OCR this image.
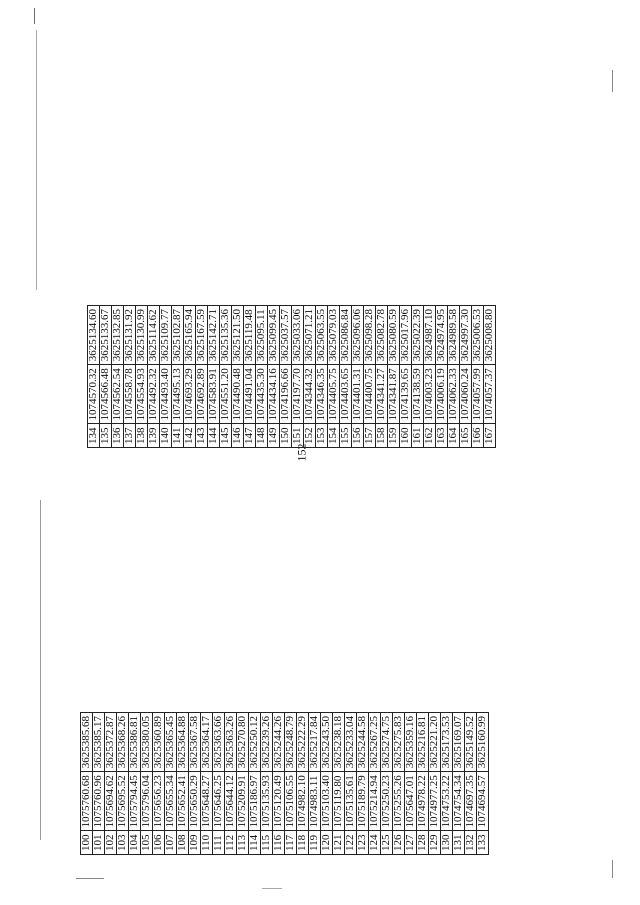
152
100	1075760.68	3625385.68
101	1075760.96	3625385.17
102	1075694.62	3625372.87
103	1075695.52	3625368.26
104	1075794.45	3625386.81
105	1075796.04	3625380.05
106	1075656.23	3625360.89
107	1075655.34	3625365.45
108	1075652.41	3625364.88
109	1075650.29	3625367.58
110	1075648.27	3625364.17
111	1075646.25	3625363.66
112	1075644.12	3625363.26
113	1075209.91	3625270.80
114	1075186.97	3625250.12
115	1075135.93	3625239.26
116	1075120.49	3625244.26
117	1075106.55	3625248.79
118	1074982.10	3625222.29
119	1074983.11	3625217.84
120	1075103.40	3625243.50
121	1075119.80	3625238.18
122	1075135.61	3625233.04
123	1075189.79	3625244.58
124	1075214.94	3625267.25
125	1075250.23	3625274.75
126	1075255.26	3625275.83
127	1075647.01	3625359.16
128	1074978.22	3625216.81
129	1074977.25	3625221.20
130	1074753.22	3625173.53
131	1074754.34	3625169.07
132	1074697.35	3625149.52
133	1074694.57	3625160.99
134	1074570.32	3625134.60
135	1074566.48	3625133.67
136	1074562.54	3625132.85
137	1074558.78	3625131.92
138	1074554.93	3625130.99
139	1074492.32	3625114.62
140	1074493.40	3625109.77
141	1074495.13	3625102.87
142	1074693.29	3625165.94
143	1074692.89	3625167.59
144	1074583.91	3625142.71
145	1074551.20	3625135.36
146	1074490.48	3625121.50
147	1074491.04	3625119.48
148	1074435.30	3625095.11
149	1074434.16	3625099.45
150	1074196.66	3625037.57
151	1074197.70	3625033.06
152	1074344.32	3625071.21
153	1074346.35	3625063.55
154	1074405.75	3625079.03
155	1074403.65	3625086.84
156	1074401.31	3625096.06
157	1074400.75	3625098.28
158	1074341.27	3625082.78
159	1074341.87	3625080.59
160	1074139.65	3625017.96
161	1074138.59	3625022.39
162	1074003.23	3624987.10
163	1074006.19	3624974.95
164	1074062.33	3624989.58
165	1074060.24	3624997.30
166	1074057.99	3625006.53
167	1074057.37	3625008.80
